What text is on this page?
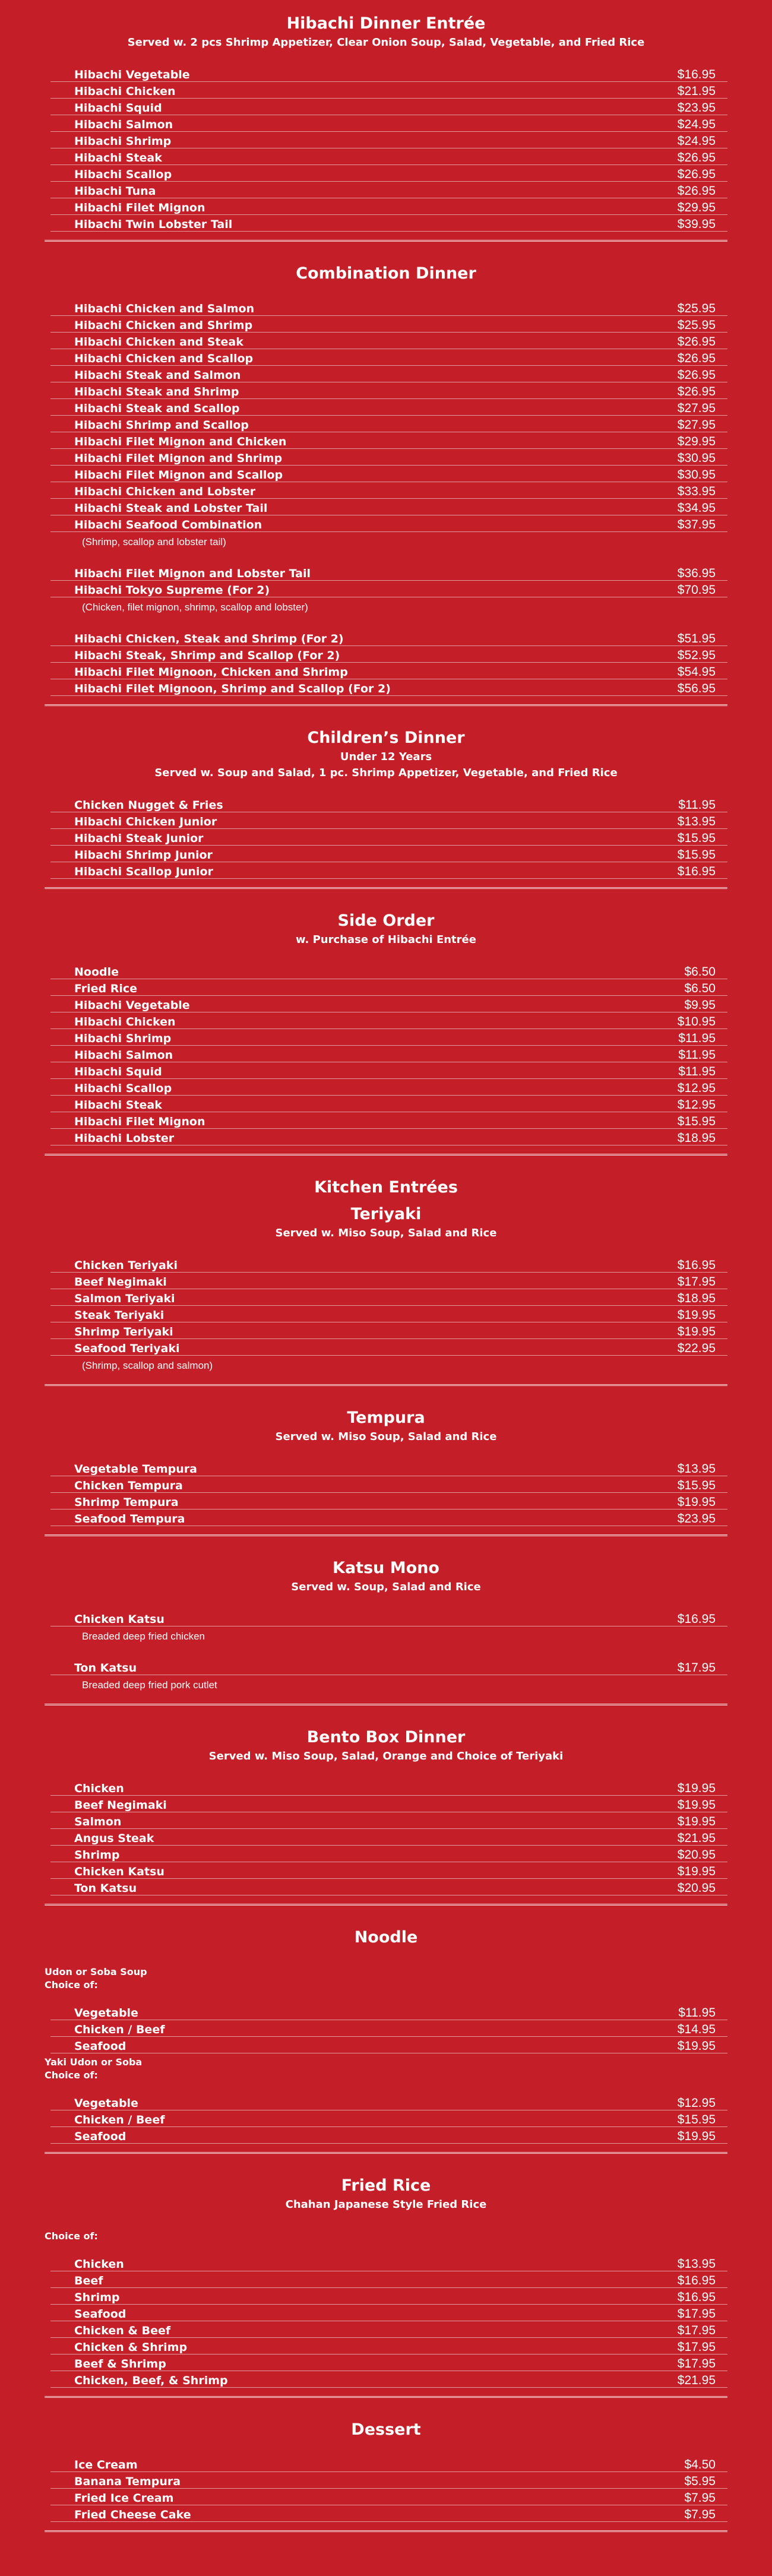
Hibachi Dinner Entrée
Served w. 2 pcs Shrimp Appetizer, Clear Onion Soup, Salad, Vegetable, and Fried Rice
Hibachi Vegetable	$16.95
Hibachi Chicken	$21.95
Hibachi Squid	$23.95
Hibachi Salmon	$24.95
Hibachi Shrimp	$24.95
Hibachi Steak	$26.95
Hibachi Scallop	$26.95
Hibachi Tuna	$26.95
Hibachi Filet Mignon	$29.95
Hibachi Twin Lobster Tail	$39.95
Combination Dinner
Hibachi Chicken and Salmon	$25.95
Hibachi Chicken and Shrimp	$25.95
Hibachi Chicken and Steak	$26.95
Hibachi Chicken and Scallop	$26.95
Hibachi Steak and Salmon	$26.95
Hibachi Steak and Shrimp	$26.95
Hibachi Steak and Scallop	$27.95
Hibachi Shrimp and Scallop	$27.95
Hibachi Filet Mignon and Chicken	$29.95
Hibachi Filet Mignon and Shrimp	$30.95
Hibachi Filet Mignon and Scallop	$30.95
Hibachi Chicken and Lobster	$33.95
Hibachi Steak and Lobster Tail	$34.95
Hibachi Seafood Combination	$37.95
(Shrimp, scallop and lobster tail)
Hibachi Filet Mignon and Lobster Tail	$36.95
Hibachi Tokyo Supreme (For 2)	$70.95
(Chicken, filet mignon, shrimp, scallop and lobster)
Hibachi Chicken, Steak and Shrimp (For 2)	$51.95
Hibachi Steak, Shrimp and Scallop (For 2)	$52.95
Hibachi Filet Mignoon, Chicken and Shrimp	$54.95
Hibachi Filet Mignoon, Shrimp and Scallop (For 2)	$56.95
Children’s Dinner
Under 12 Years
Served w. Soup and Salad, 1 pc. Shrimp Appetizer, Vegetable, and Fried Rice
Chicken Nugget & Fries	$11.95
Hibachi Chicken Junior	$13.95
Hibachi Steak Junior	$15.95
Hibachi Shrimp Junior	$15.95
Hibachi Scallop Junior	$16.95
Side Order
w. Purchase of Hibachi Entrée
Noodle	$6.50
Fried Rice	$6.50
Hibachi Vegetable	$9.95
Hibachi Chicken	$10.95
Hibachi Shrimp	$11.95
Hibachi Salmon	$11.95
Hibachi Squid	$11.95
Hibachi Scallop	$12.95
Hibachi Steak	$12.95
Hibachi Filet Mignon	$15.95
Hibachi Lobster	$18.95
Kitchen Entrées
Teriyaki
Served w. Miso Soup, Salad and Rice
Chicken Teriyaki	$16.95
Beef Negimaki	$17.95
Salmon Teriyaki	$18.95
Steak Teriyaki	$19.95
Shrimp Teriyaki	$19.95
Seafood Teriyaki	$22.95
(Shrimp, scallop and salmon)
Tempura
Served w. Miso Soup, Salad and Rice
Vegetable Tempura	$13.95
Chicken Tempura	$15.95
Shrimp Tempura	$19.95
Seafood Tempura	$23.95
Katsu Mono
Served w. Soup, Salad and Rice
Chicken Katsu	$16.95
Breaded deep fried chicken
Ton Katsu	$17.95
Breaded deep fried pork cutlet
Bento Box Dinner
Served w. Miso Soup, Salad, Orange and Choice of Teriyaki
Chicken	$19.95
Beef Negimaki	$19.95
Salmon	$19.95
Angus Steak	$21.95
Shrimp	$20.95
Chicken Katsu	$19.95
Ton Katsu	$20.95
Noodle
Udon or Soba Soup
Choice of:
Vegetable	$11.95
Chicken / Beef	$14.95
Seafood	$19.95
Yaki Udon or Soba
Choice of:
Vegetable	$12.95
Chicken / Beef	$15.95
Seafood	$19.95
Fried Rice
Chahan Japanese Style Fried Rice
Choice of:
Chicken	$13.95
Beef	$16.95
Shrimp	$16.95
Seafood	$17.95
Chicken & Beef	$17.95
Chicken & Shrimp	$17.95
Beef & Shrimp	$17.95
Chicken, Beef, & Shrimp	$21.95
Dessert
Ice Cream	$4.50
Banana Tempura	$5.95
Fried Ice Cream	$7.95
Fried Cheese Cake	$7.95
